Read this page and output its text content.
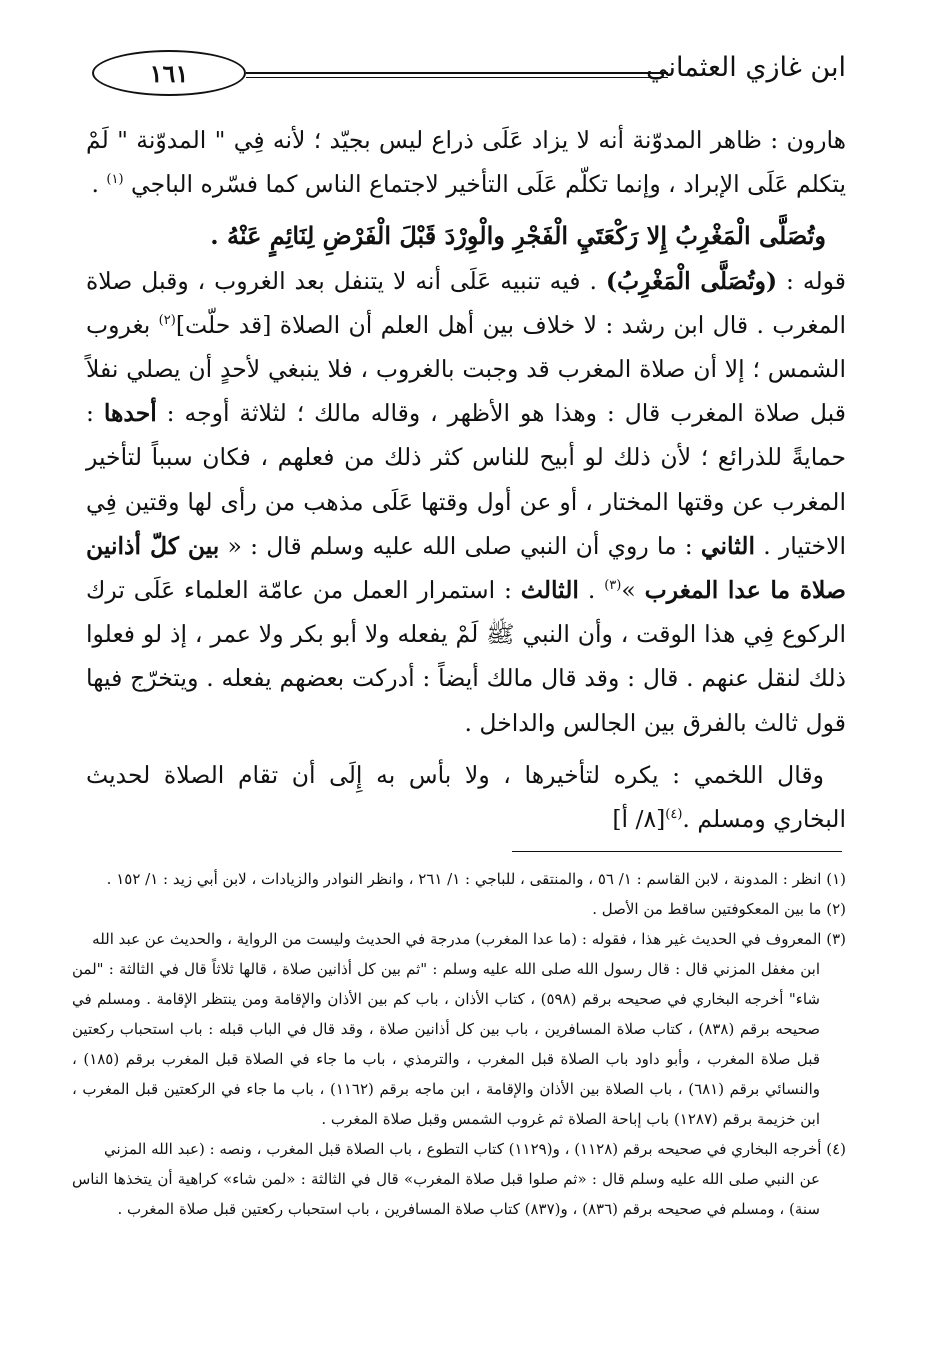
١٦١	ابن غازي العثماني

هارون : ظاهر المدوّنة أنه لا يزاد عَلَى ذراع ليس بجيّد ؛ لأنه فِي " المدوّنة " لَمْ يتكلم عَلَى الإبراد ، وإنما تكلّم عَلَى التأخير لاجتماع الناس كما فسّره الباجي $^{(١)}$ .

وتُصَلَّى الْمَغْرِبُ إِلا رَكْعَتَيِ الْفَجْرِ والْوِرْدَ قَبْلَ الْفَرْضِ لِنَائِمٍ عَنْهُ .

قوله : (وتُصَلَّى الْمَغْرِبُ) . فيه تنبيه عَلَى أنه لا يتنفل بعد الغروب ، وقبل صلاة المغرب . قال ابن رشد : لا خلاف بين أهل العلم أن الصلاة [قد حلّت]$^{(٢)}$ بغروب الشمس ؛ إلا أن صلاة المغرب قد وجبت بالغروب ، فلا ينبغي لأحدٍ أن يصلي نفلاً قبل صلاة المغرب قال : وهذا هو الأظهر ، وقاله مالك ؛ لثلاثة أوجه : أحدها : حمايةً للذرائع ؛ لأن ذلك لو أبيح للناس كثر ذلك من فعلهم ، فكان سبباً لتأخير المغرب عن وقتها المختار ، أو عن أول وقتها عَلَى مذهب من رأى لها وقتين فِي الاختيار . الثاني : ما روي أن النبي صلى الله عليه وسلم قال : « بين كلّ أذانين صلاة ما عدا المغرب »$^{(٣)}$ . الثالث : استمرار العمل من عامّة العلماء عَلَى ترك الركوع فِي هذا الوقت ، وأن النبي ﷺ لَمْ يفعله ولا أبو بكر ولا عمر ، إذ لو فعلوا ذلك لنقل عنهم . قال : وقد قال مالك أيضاً : أدركت بعضهم يفعله . ويتخرّج فيها قول ثالث بالفرق بين الجالس والداخل .

وقال اللخمي : يكره لتأخيرها ، ولا بأس به إِلَى أن تقام الصلاة لحديث البخاري ومسلم .$^{(٤)}$[٨/ أ]

(١) انظر : المدونة ، لابن القاسم : ١/ ٥٦ ، والمنتقى ، للباجي : ١/ ٢٦١ ، وانظر النوادر والزيادات ، لابن أبي زيد : ١/ ١٥٢ .

(٢) ما بين المعكوفتين ساقط من الأصل .

(٣) المعروف في الحديث غير هذا ، فقوله : (ما عدا المغرب) مدرجة في الحديث وليست من الرواية ، والحديث عن عبد الله

ابن مغفل المزني قال : قال رسول الله صلى الله عليه وسلم : "ثم بين كل أذانين صلاة ، قالها ثلاثاً قال في الثالثة : "لمن شاء" أخرجه البخاري في صحيحه برقم (٥٩٨) ، كتاب الأذان ، باب كم بين الأذان والإقامة ومن ينتظر الإقامة . ومسلم في صحيحه برقم (٨٣٨) ، كتاب صلاة المسافرين ، باب بين كل أذانين صلاة ، وقد قال في الباب قبله : باب استحباب ركعتين قبل صلاة المغرب ، وأبو داود باب الصلاة قبل المغرب ، والترمذي ، باب ما جاء في الصلاة قبل المغرب برقم (١٨٥) ، والنسائي برقم (٦٨١) ، باب الصلاة بين الأذان والإقامة ، ابن ماجه برقم (١١٦٢) ، باب ما جاء في الركعتين قبل المغرب ، ابن خزيمة برقم (١٢٨٧) باب إباحة الصلاة ثم غروب الشمس وقبل صلاة المغرب .

(٤) أخرجه البخاري في صحيحه برقم (١١٢٨) ، و(١١٢٩) كتاب التطوع ، باب الصلاة قبل المغرب ، ونصه : (عبد الله المزني

عن النبي صلى الله عليه وسلم قال : «ثم صلوا قبل صلاة المغرب» قال في الثالثة : «لمن شاء» كراهية أن يتخذها الناس سنة) ، ومسلم في صحيحه برقم (٨٣٦) ، و(٨٣٧) كتاب صلاة المسافرين ، باب استحباب ركعتين قبل صلاة المغرب .
